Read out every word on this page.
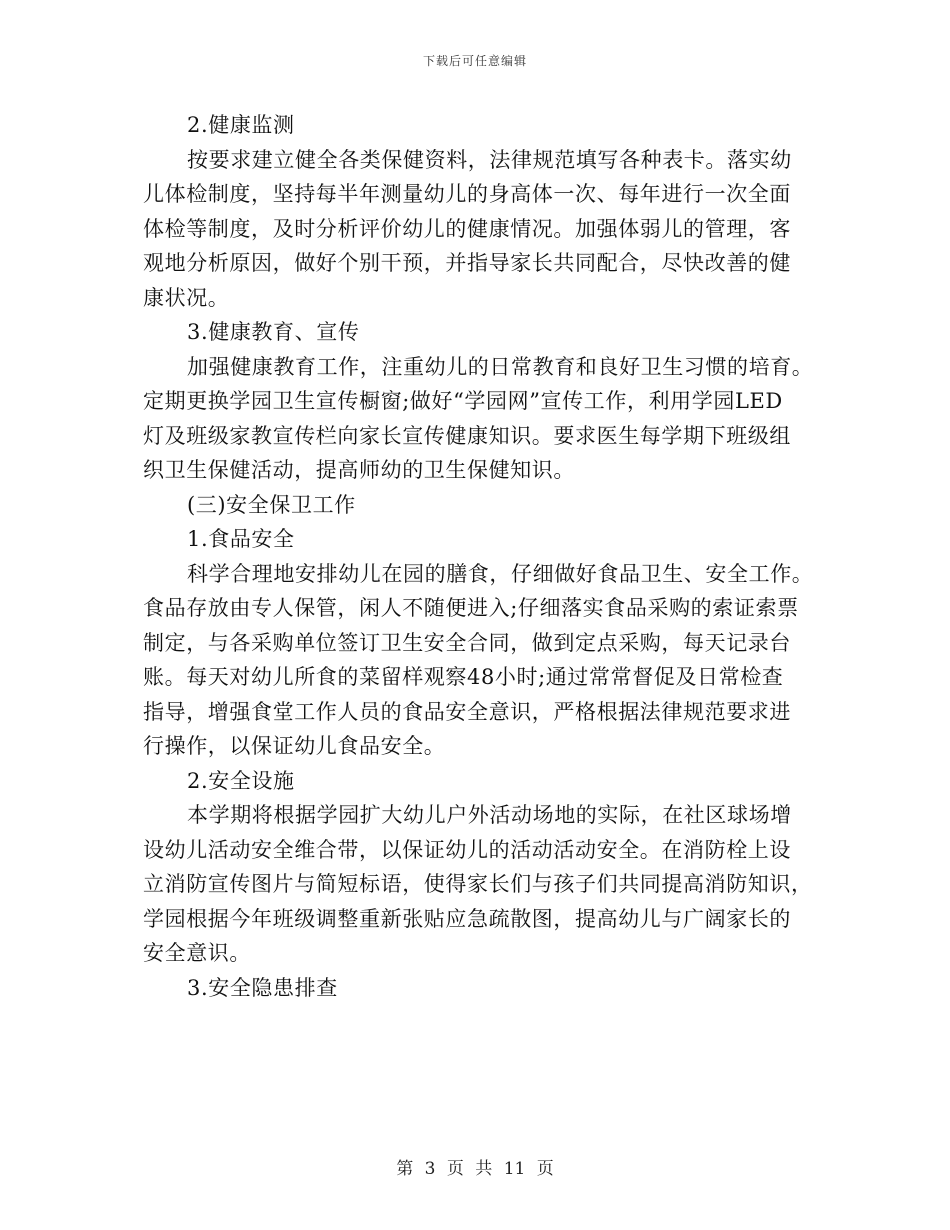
下载后可任意编辑
2.健康监测
按要求建立健全各类保健资料，法律规范填写各种表卡。落实幼
儿体检制度，坚持每半年测量幼儿的身高体一次、每年进行一次全面
体检等制度，及时分析评价幼儿的健康情况。加强体弱儿的管理，客
观地分析原因，做好个别干预，并指导家长共同配合，尽快改善的健
康状况。
3.健康教育、宣传
加强健康教育工作，注重幼儿的日常教育和良好卫生习惯的培育。
定期更换学园卫生宣传橱窗;做好“学园网”宣传工作，利用学园LED
灯及班级家教宣传栏向家长宣传健康知识。要求医生每学期下班级组
织卫生保健活动，提高师幼的卫生保健知识。
(三)安全保卫工作
1.食品安全
科学合理地安排幼儿在园的膳食，仔细做好食品卫生、安全工作。
食品存放由专人保管，闲人不随便进入;仔细落实食品采购的索证索票
制定，与各采购单位签订卫生安全合同，做到定点采购，每天记录台
账。每天对幼儿所食的菜留样观察48小时;通过常常督促及日常检查
指导，增强食堂工作人员的食品安全意识，严格根据法律规范要求进
行操作，以保证幼儿食品安全。
2.安全设施
本学期将根据学园扩大幼儿户外活动场地的实际，在社区球场增
设幼儿活动安全维合带，以保证幼儿的活动活动安全。在消防栓上设
立消防宣传图片与简短标语，使得家长们与孩子们共同提高消防知识，
学园根据今年班级调整重新张贴应急疏散图，提高幼儿与广阔家长的
安全意识。
3.安全隐患排查
第 3 页 共 11 页
